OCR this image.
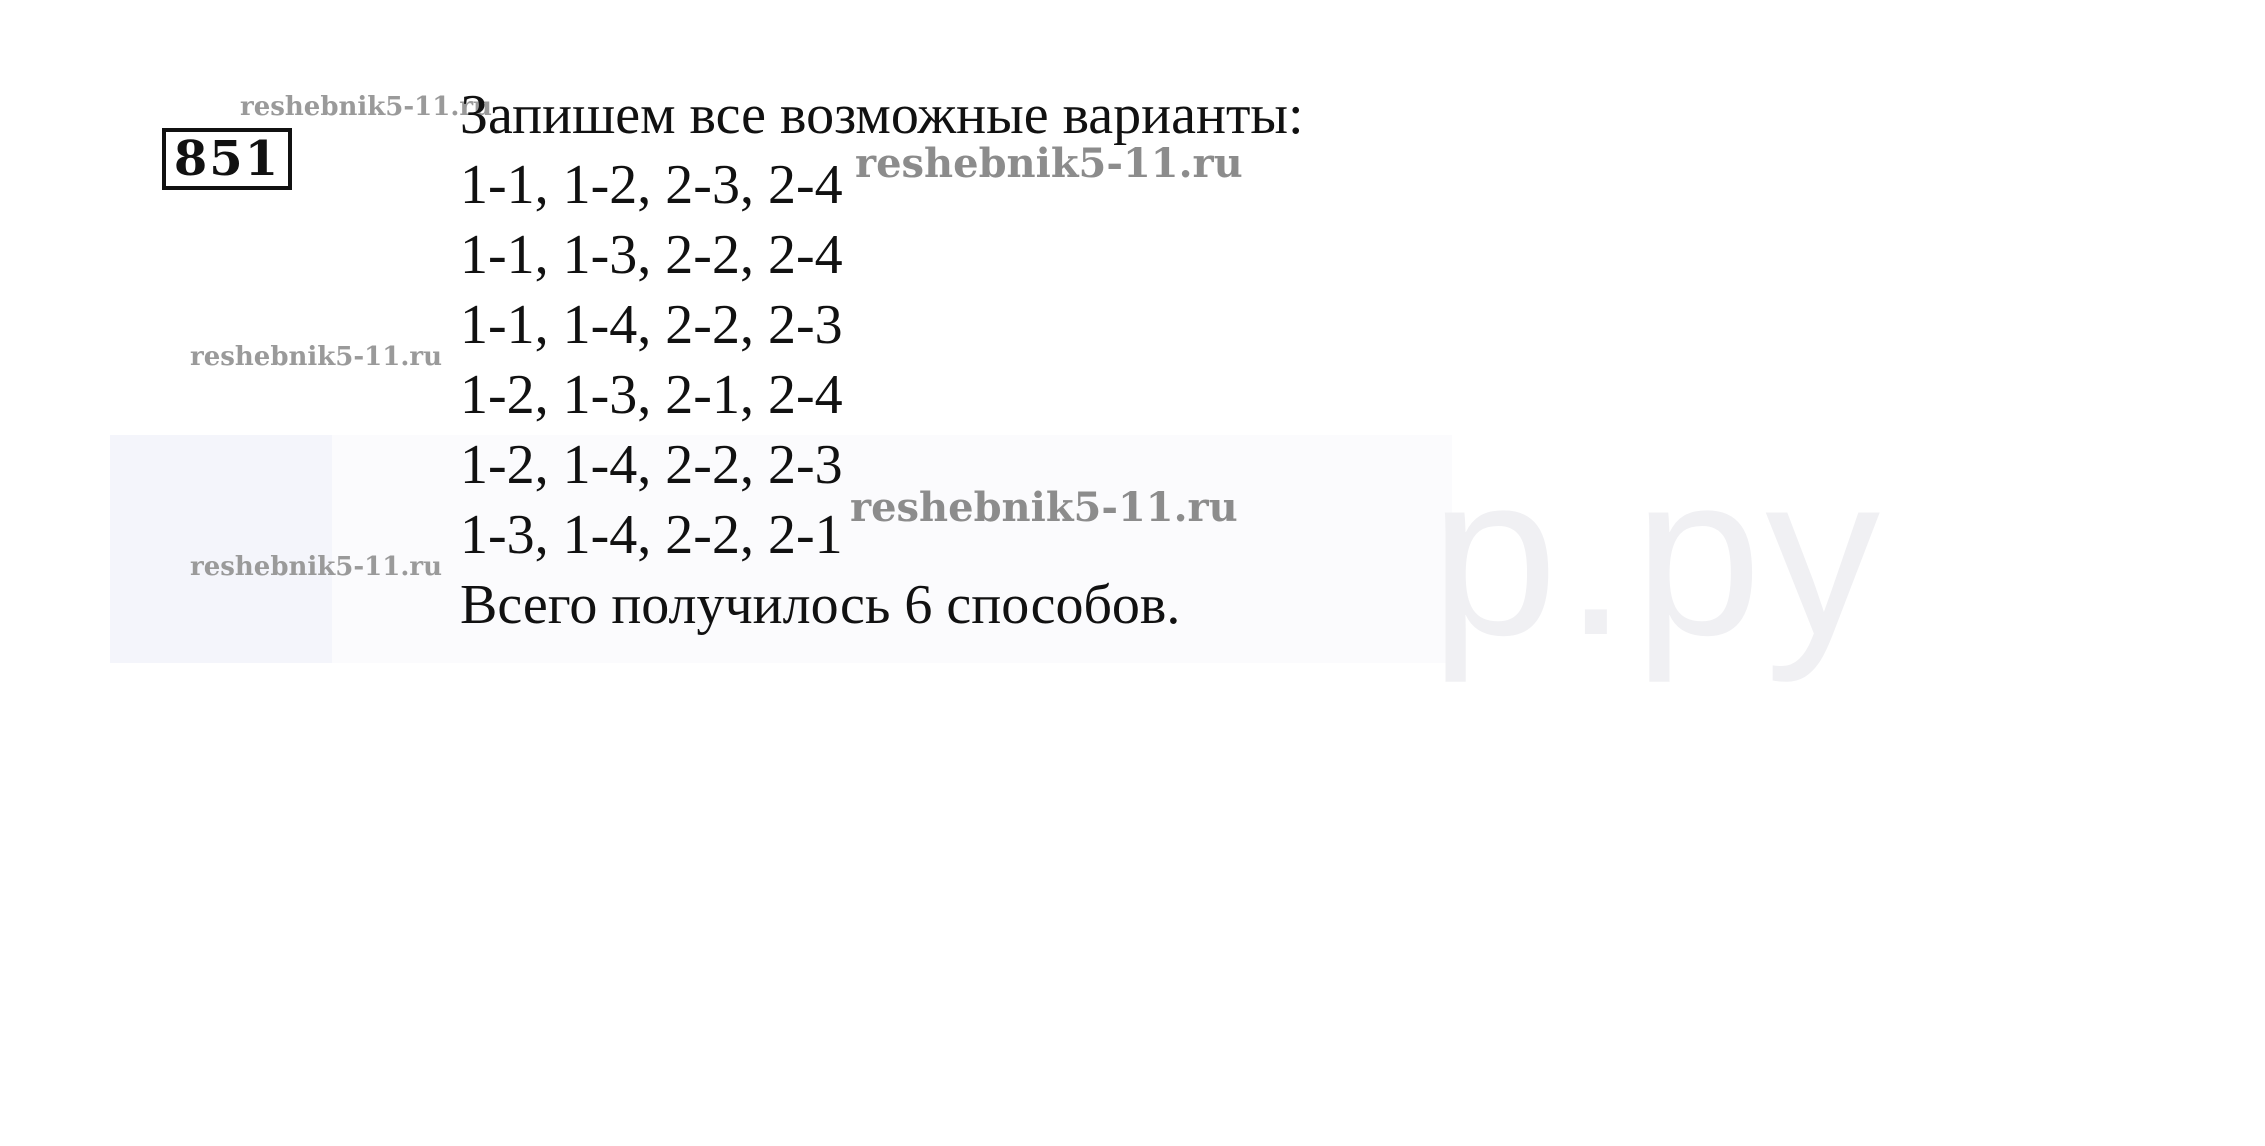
р.ру
851
reshebnik5-11.ru
reshebnik5-11.ru
reshebnik5-11.ru
reshebnik5-11.ru
reshebnik5-11.ru
Запишем все возможные варианты:
1-1, 1-2, 2-3, 2-4
1-1, 1-3, 2-2, 2-4
1-1, 1-4, 2-2, 2-3
1-2, 1-3, 2-1, 2-4
1-2, 1-4, 2-2, 2-3
1-3, 1-4, 2-2, 2-1
Всего получилось 6 способов.
